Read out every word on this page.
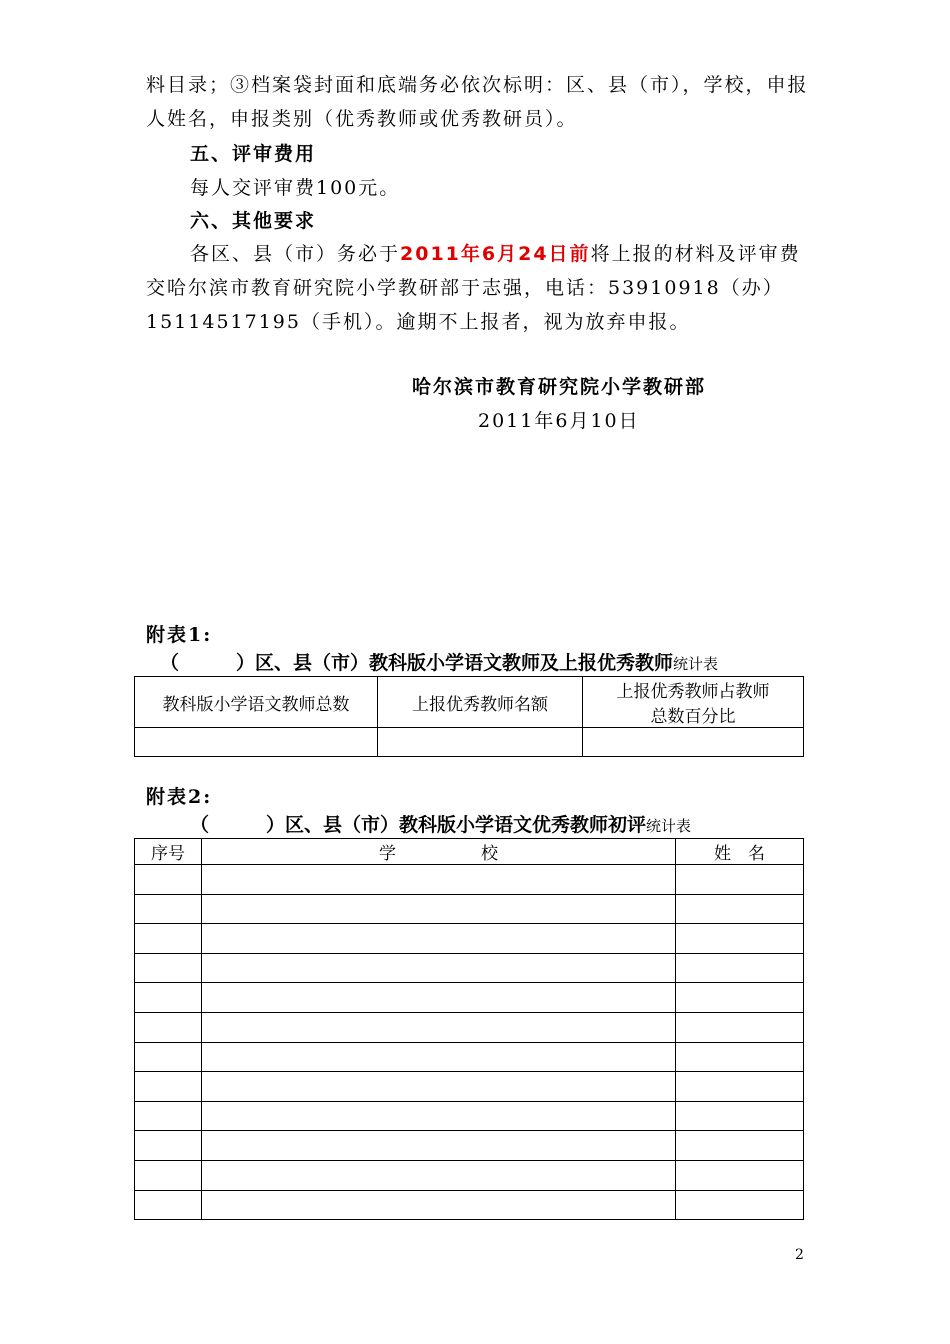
料目录；③档案袋封面和底端务必依次标明：区、县（市），学校，申报
人姓名，申报类别（优秀教师或优秀教研员）。
五、评审费用
每人交评审费100元。
六、其他要求
各区、县（市）务必于2011年6月24日前将上报的材料及评审费
交哈尔滨市教育研究院小学教研部于志强，电话：53910918（办）
15114517195（手机）。逾期不上报者，视为放弃申报。
哈尔滨市教育研究院小学教研部
2011年6月10日
附表1:
（　　　）区、县（市）教科版小学语文教师及上报优秀教师统计表
教科版小学语文教师总数	上报优秀教师名额	上报优秀教师占教师
总数百分比

附表2:
（　　　）区、县（市）教科版小学语文优秀教师初评统计表
序号	学　　　　　校	姓　名

2
